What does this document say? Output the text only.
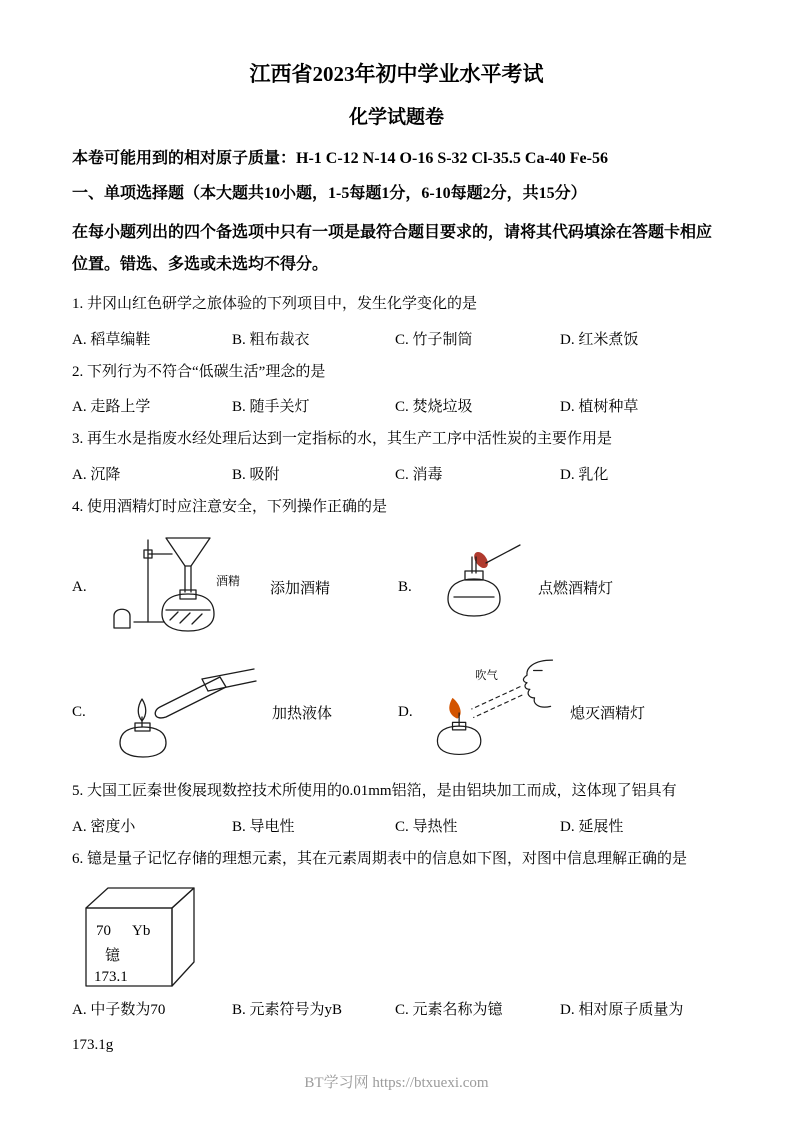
江西省2023年初中学业水平考试
化学试题卷

本卷可能用到的相对原子质量：H-1 C-12 N-14 O-16 S-32 Cl-35.5 Ca-40 Fe-56

一、单项选择题（本大题共10小题，1-5每题1分，6-10每题2分，共15分）

在每小题列出的四个备选项中只有一项是最符合题目要求的，请将其代码填涂在答题卡相应位置。错选、多选或未选均不得分。

1. 井冈山红色研学之旅体验的下列项目中，发生化学变化的是

A. 稻草编鞋	B. 粗布裁衣	C. 竹子制筒	D. 红米煮饭

2. 下列行为不符合“低碳生活”理念的是

A. 走路上学	B. 随手关灯	C. 焚烧垃圾	D. 植树种草

3. 再生水是指废水经处理后达到一定指标的水，其生产工序中活性炭的主要作用是

A. 沉降	B. 吸附	C. 消毒	D. 乳化

4. 使用酒精灯时应注意安全，下列操作正确的是

A.	酒精 添加酒精	B.	点燃酒精灯
C.	加热液体	D.
吹气
熄灭酒精灯

5. 大国工匠秦世俊展现数控技术所使用的0.01mm铝箔，是由铝块加工而成，这体现了铝具有

A. 密度小	B. 导电性	C. 导热性	D. 延展性

6. 镱是量子记忆存储的理想元素，其在元素周期表中的信息如下图，对图中信息理解正确的是

70 Yb
镱
173.1
A. 中子数为70	B. 元素符号为yB	C. 元素名称为镱	D. 相对原子质量为

173.1g

BT学习网 https://btxuexi.com
